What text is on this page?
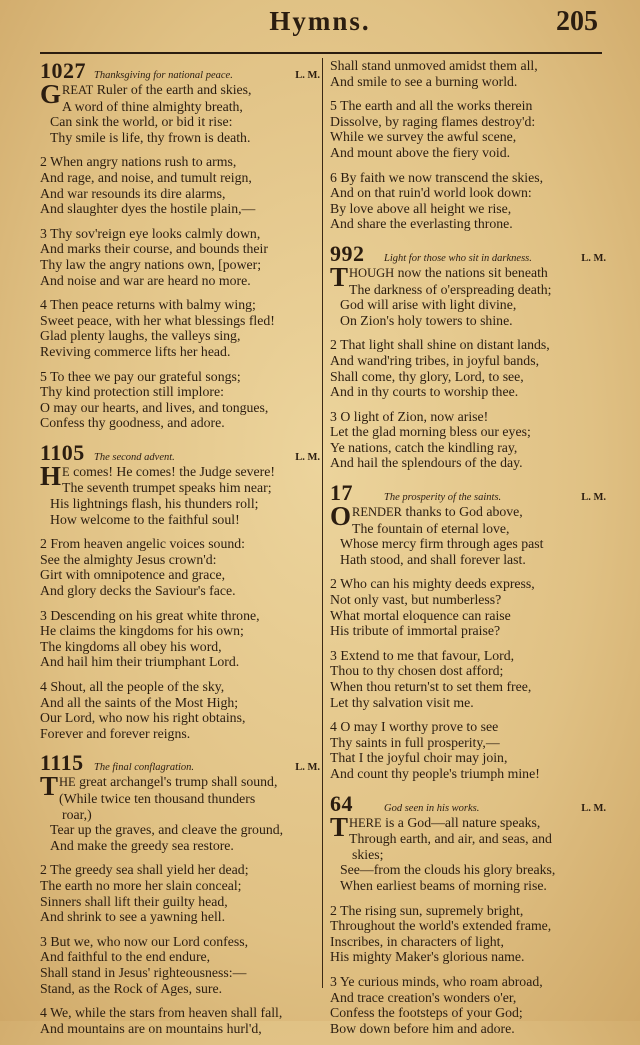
Hymns.	205
1027 Thanksgiving for national peace.	L. M.
GREAT Ruler of the earth and skies,
A word of thine almighty breath,
Can sink the world, or bid it rise:
Thy smile is life, thy frown is death.
2 When angry nations rush to arms,
And rage, and noise, and tumult reign,
And war resounds its dire alarms,
And slaughter dyes the hostile plain,—
3 Thy sov'reign eye looks calmly down,
And marks their course, and bounds their
Thy law the angry nations own, [power;
And noise and war are heard no more.
4 Then peace returns with balmy wing;
Sweet peace, with her what blessings fled!
Glad plenty laughs, the valleys sing,
Reviving commerce lifts her head.
5 To thee we pay our grateful songs;
Thy kind protection still implore:
O may our hearts, and lives, and tongues,
Confess thy goodness, and adore.
1105 The second advent.	L. M.
H E comes! He comes! the Judge severe!
The seventh trumpet speaks him near;
His lightnings flash, his thunders roll;
How welcome to the faithful soul!
2 From heaven angelic voices sound:
See the almighty Jesus crown'd:
Girt with omnipotence and grace,
And glory decks the Saviour's face.
3 Descending on his great white throne,
He claims the kingdoms for his own;
The kingdoms all obey his word,
And hail him their triumphant Lord.
4 Shout, all the people of the sky,
And all the saints of the Most High;
Our Lord, who now his right obtains,
Forever and forever reigns.
1115 The final conflagration.	L. M.
THE great archangel's trump shall sound,
(While twice ten thousand thunders
roar,)
Tear up the graves, and cleave the ground,
And make the greedy sea restore.
2 The greedy sea shall yield her dead;
The earth no more her slain conceal;
Sinners shall lift their guilty head,
And shrink to see a yawning hell.
3 But we, who now our Lord confess,
And faithful to the end endure,
Shall stand in Jesus' righteousness:—
Stand, as the Rock of Ages, sure.
4 We, while the stars from heaven shall fall,
And mountains are on mountains hurl'd,
Shall stand unmoved amidst them all,
And smile to see a burning world.
5 The earth and all the works therein
Dissolve, by raging flames destroy'd:
While we survey the awful scene,
And mount above the fiery void.
6 By faith we now transcend the skies,
And on that ruin'd world look down:
By love above all height we rise,
And share the everlasting throne.
992	Light for those who sit in darkness.	L. M.
THOUGH now the nations sit beneath
The darkness of o'erspreading death;
God will arise with light divine,
On Zion's holy towers to shine.
2 That light shall shine on distant lands,
And wand'ring tribes, in joyful bands,
Shall come, thy glory, Lord, to see,
And in thy courts to worship thee.
3 O light of Zion, now arise!
Let the glad morning bless our eyes;
Ye nations, catch the kindling ray,
And hail the splendours of the day.
17	The prosperity of the saints.	L. M.
O RENDER thanks to God above,
The fountain of eternal love,
Whose mercy firm through ages past
Hath stood, and shall forever last.
2 Who can his mighty deeds express,
Not only vast, but numberless?
What mortal eloquence can raise
His tribute of immortal praise?
3 Extend to me that favour, Lord,
Thou to thy chosen dost afford;
When thou return'st to set them free,
Let thy salvation visit me.
4 O may I worthy prove to see
Thy saints in full prosperity,—
That I the joyful choir may join,
And count thy people's triumph mine!
64	God seen in his works.	L. M.
THERE is a God—all nature speaks,
Through earth, and air, and seas, and
skies;
See—from the clouds his glory breaks,
When earliest beams of morning rise.
2 The rising sun, supremely bright,
Throughout the world's extended frame,
Inscribes, in characters of light,
His mighty Maker's glorious name.
3 Ye curious minds, who roam abroad,
And trace creation's wonders o'er,
Confess the footsteps of your God;
Bow down before him and adore.
